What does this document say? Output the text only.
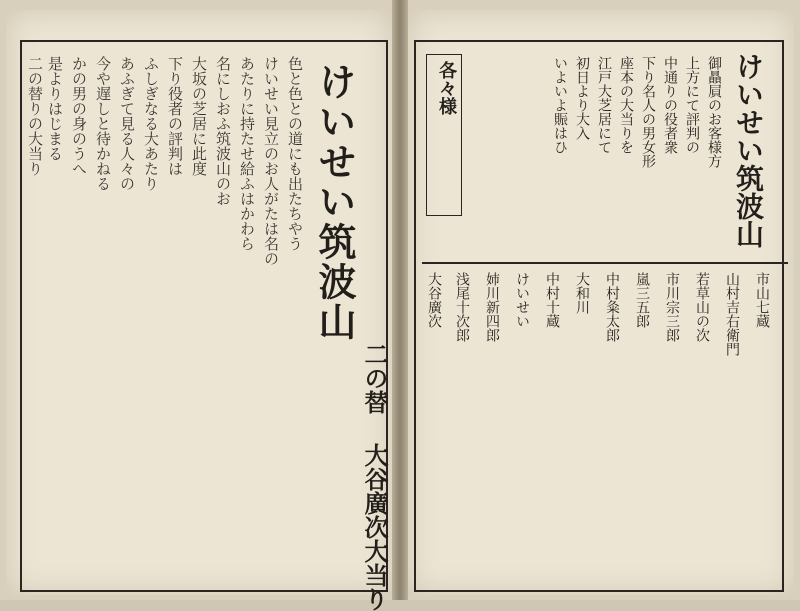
けいせい筑波山
二の替 大谷廣次大当り
色と色との道にも出たちやう
けいせい見立のお人がたは名の
あたりに持たせ給ふはかわら
名にしおふ筑波山のお
大坂の芝居に此度
下り役者の評判は
ふしぎなる大あたり
あふぎて見る人々の
今や遅しと待かねる
かの男の身のうへ
是よりはじまる
二の替りの大当り	けいせい筑波山
御贔屓のお客様方
上方にて評判の
中通りの役者衆
下り名人の男女形
座本の大当りを
江戸大芝居にて
初日より大入
いよいよ賑はひ
各々様
市山七蔵
山村吉右衛門
若草山の次
市川宗三郎
嵐三五郎
中村粂太郎
大和川
中村十蔵
けいせい
姉川新四郎
浅尾十次郎
大谷廣次
